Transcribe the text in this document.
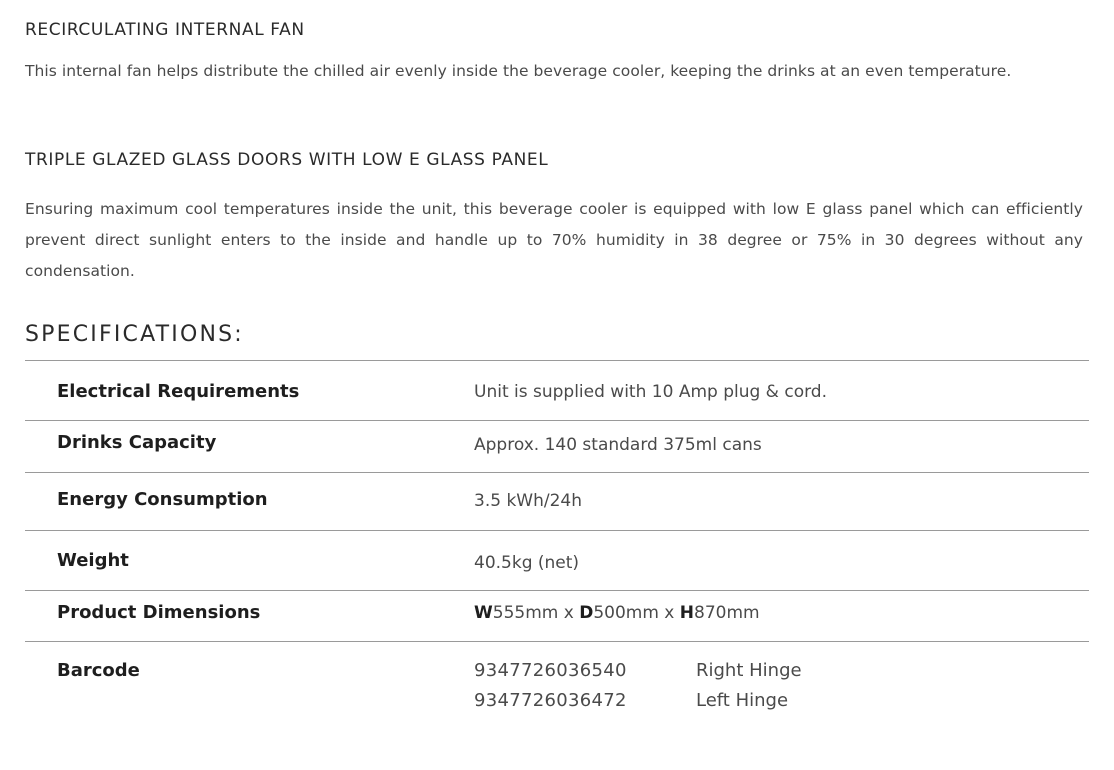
RECIRCULATING INTERNAL FAN

This internal fan helps distribute the chilled air evenly inside the beverage cooler, keeping the drinks at an even temperature.

TRIPLE GLAZED GLASS DOORS WITH LOW E GLASS PANEL

Ensuring maximum cool temperatures inside the unit, this beverage cooler is equipped with low E glass panel which can efficiently prevent direct sunlight enters to the inside and handle up to 70% humidity in 38 degree or 75% in 30 degrees without any condensation.

SPECIFICATIONS:
Electrical Requirements	Unit is supplied with 10 Amp plug & cord.
Drinks Capacity	Approx. 140 standard 375ml cans
Energy Consumption	3.5 kWh/24h
Weight	40.5kg (net)
Product Dimensions	W555mm x D500mm x H870mm
Barcode	9347726036540	Right Hinge
9347726036472	Left Hinge
